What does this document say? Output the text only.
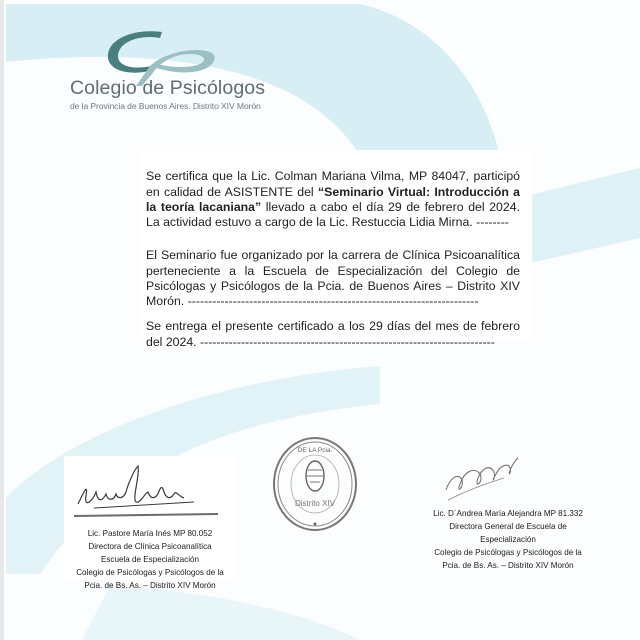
Colegio de Psicólogos
de la Provincia de Buenos Aires. Distrito XIV Morón

Se certifica que la Lic. Colman Mariana Vilma, MP 84047, participó en calidad de ASISTENTE del “Seminario Virtual: Introducción a la teoría lacaniana” llevado a cabo el día 29 de febrero del 2024. La actividad estuvo a cargo de la Lic. Restuccia Lidia Mirna. --------

El Seminario fue organizado por la carrera de Clínica Psicoanalítica perteneciente a la Escuela de Especialización del Colegio de Psicólogas y Psicólogos de la Pcia. de Buenos Aires – Distrito XIV Morón. -----------------------------------------------------------------------

Se entrega el presente certificado a los 29 días del mes de febrero del 2024. ------------------------------------------------------------------------

Lic. Pastore María Inés MP 80.052
Directora de Clínica Psicoanalítica
Escuela de Especialización
Colegio de Psicólogas y Psicólogos de la
Pcia. de Bs. As. – Distrito XIV Morón
Distrito XIV
DE LA Pcia.
Lic. D´Andrea María Alejandra MP 81.332
Directora General de Escuela de
Especialización
Colegio de Psicólogas y Psicólogos de la
Pcia. de Bs. As. – Distrito XIV Morón
